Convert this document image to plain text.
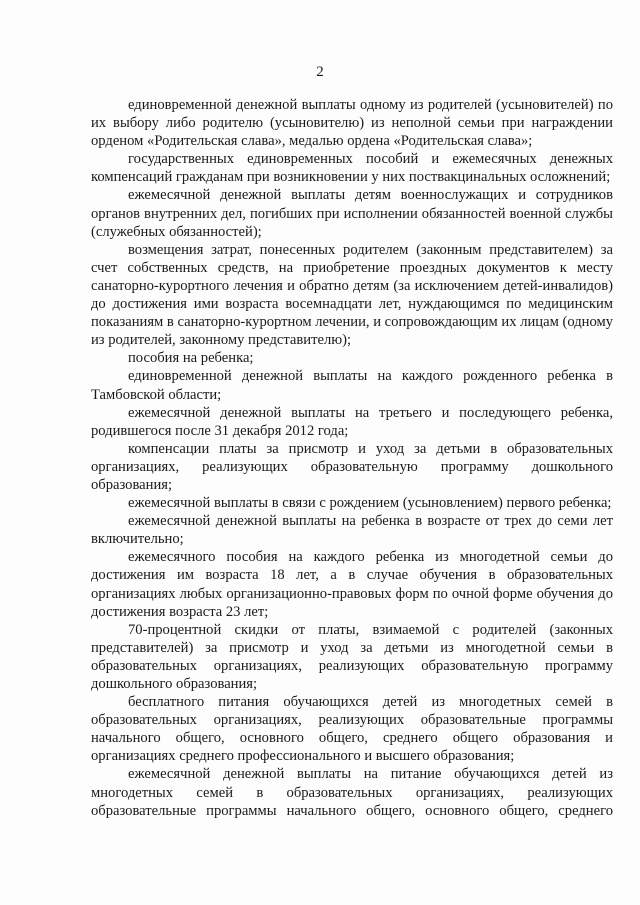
2

единовременной денежной выплаты одному из родителей (усыновителей) по их выбору либо родителю (усыновителю) из неполной семьи при награждении орденом «Родительская слава», медалью ордена «Родительская слава»;

государственных единовременных пособий и ежемесячных денежных компенсаций гражданам при возникновении у них поствакцинальных осложнений;

ежемесячной денежной выплаты детям военнослужащих и сотрудников органов внутренних дел, погибших при исполнении обязанностей военной службы (служебных обязанностей);

возмещения затрат, понесенных родителем (законным представителем) за счет собственных средств, на приобретение проездных документов к месту санаторно-курортного лечения и обратно детям (за исключением детей-инвалидов) до достижения ими возраста восемнадцати лет, нуждающимся по медицинским показаниям в санаторно-курортном лечении, и сопровождающим их лицам (одному из родителей, законному представителю);

пособия на ребенка;

единовременной денежной выплаты на каждого рожденного ребенка в Тамбовской области;

ежемесячной денежной выплаты на третьего и последующего ребенка, родившегося после 31 декабря 2012 года;

компенсации платы за присмотр и уход за детьми в образовательных организациях, реализующих образовательную программу дошкольного образования;

ежемесячной выплаты в связи с рождением (усыновлением) первого ребенка;

ежемесячной денежной выплаты на ребенка в возрасте от трех до семи лет включительно;

ежемесячного пособия на каждого ребенка из многодетной семьи до достижения им возраста 18 лет, а в случае обучения в образовательных организациях любых организационно-правовых форм по очной форме обучения до достижения возраста 23 лет;

70-процентной скидки от платы, взимаемой с родителей (законных представителей) за присмотр и уход за детьми из многодетной семьи в образовательных организациях, реализующих образовательную программу дошкольного образования;

бесплатного питания обучающихся детей из многодетных семей в образовательных организациях, реализующих образовательные программы начального общего, основного общего, среднего общего образования и организациях среднего профессионального и высшего образования;

ежемесячной денежной выплаты на питание обучающихся детей из многодетных семей в образовательных организациях, реализующих образовательные программы начального общего, основного общего, среднего
